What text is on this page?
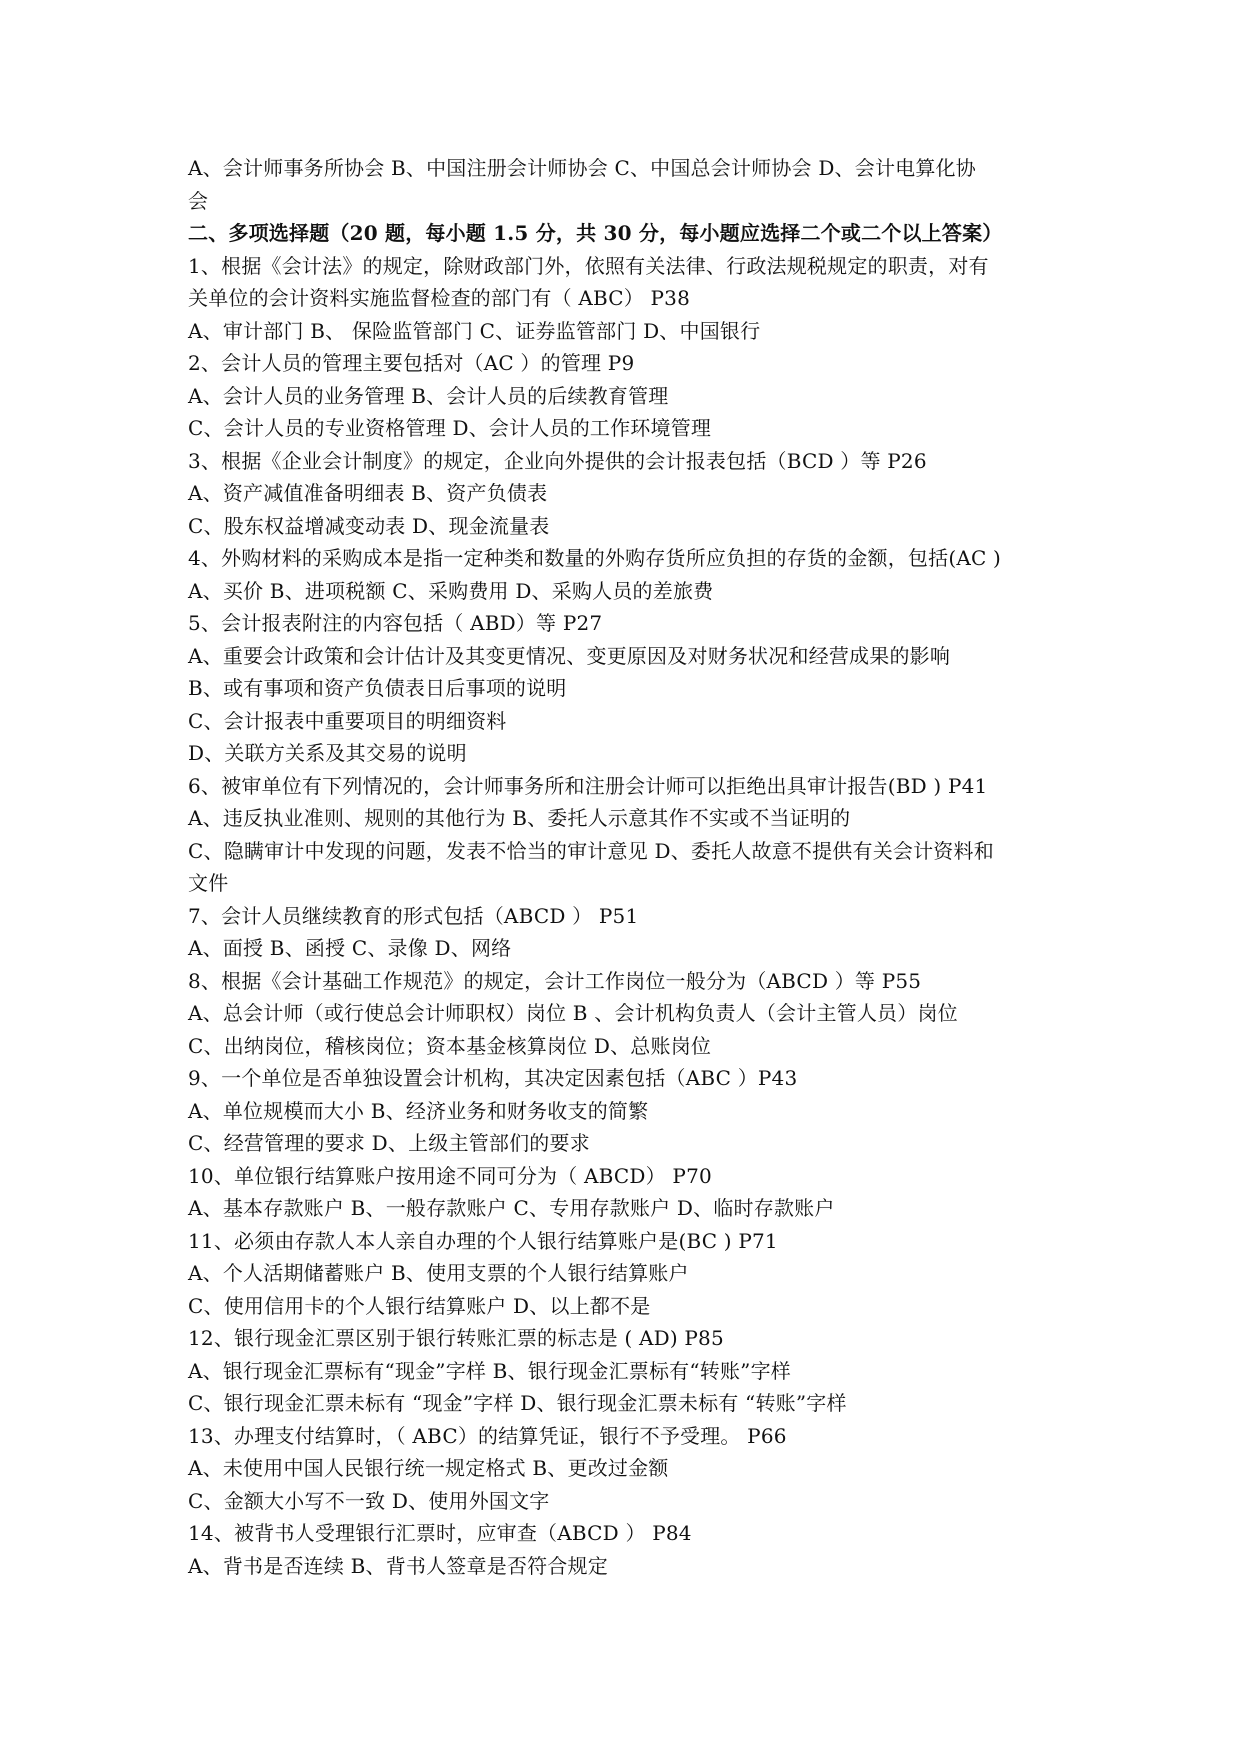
A、会计师事务所协会 B、中国注册会计师协会 C、中国总会计师协会 D、会计电算化协
会
二、多项选择题（20 题，每小题 1.5 分，共 30 分，每小题应选择二个或二个以上答案）
1、根据《会计法》的规定，除财政部门外，依照有关法律、行政法规税规定的职责，对有
关单位的会计资料实施监督检查的部门有（ ABC） P38
A、审计部门 B、 保险监管部门 C、证券监管部门 D、中国银行
2、会计人员的管理主要包括对（AC ）的管理 P9
A、会计人员的业务管理 B、会计人员的后续教育管理
C、会计人员的专业资格管理 D、会计人员的工作环境管理
3、根据《企业会计制度》的规定，企业向外提供的会计报表包括（BCD ）等 P26
A、资产减值准备明细表 B、资产负债表
C、股东权益增减变动表 D、现金流量表
4、外购材料的采购成本是指一定种类和数量的外购存货所应负担的存货的金额，包括(AC )
A、买价 B、进项税额 C、采购费用 D、采购人员的差旅费
5、会计报表附注的内容包括（ ABD）等 P27
A、重要会计政策和会计估计及其变更情况、变更原因及对财务状况和经营成果的影响
B、或有事项和资产负债表日后事项的说明
C、会计报表中重要项目的明细资料
D、关联方关系及其交易的说明
6、被审单位有下列情况的，会计师事务所和注册会计师可以拒绝出具审计报告(BD ) P41
A、违反执业准则、规则的其他行为 B、委托人示意其作不实或不当证明的
C、隐瞒审计中发现的问题，发表不恰当的审计意见 D、委托人故意不提供有关会计资料和
文件
7、会计人员继续教育的形式包括（ABCD ） P51
A、面授 B、函授 C、录像 D、网络
8、根据《会计基础工作规范》的规定，会计工作岗位一般分为（ABCD ）等 P55
A、总会计师（或行使总会计师职权）岗位 B 、会计机构负责人（会计主管人员）岗位
C、出纳岗位，稽核岗位；资本基金核算岗位 D、总账岗位
9、一个单位是否单独设置会计机构，其决定因素包括（ABC ）P43
A、单位规模而大小 B、经济业务和财务收支的简繁
C、经营管理的要求 D、上级主管部们的要求
10、单位银行结算账户按用途不同可分为（ ABCD） P70
A、基本存款账户 B、一般存款账户 C、专用存款账户 D、临时存款账户
11、必须由存款人本人亲自办理的个人银行结算账户是(BC ) P71
A、个人活期储蓄账户 B、使用支票的个人银行结算账户
C、使用信用卡的个人银行结算账户 D、以上都不是
12、银行现金汇票区别于银行转账汇票的标志是 ( AD) P85
A、银行现金汇票标有“现金”字样 B、银行现金汇票标有“转账”字样
C、银行现金汇票未标有 “现金”字样 D、银行现金汇票未标有 “转账”字样
13、办理支付结算时，（ ABC）的结算凭证，银行不予受理。 P66
A、未使用中国人民银行统一规定格式 B、更改过金额
C、金额大小写不一致 D、使用外国文字
14、被背书人受理银行汇票时，应审查（ABCD ） P84
A、背书是否连续 B、背书人签章是否符合规定
